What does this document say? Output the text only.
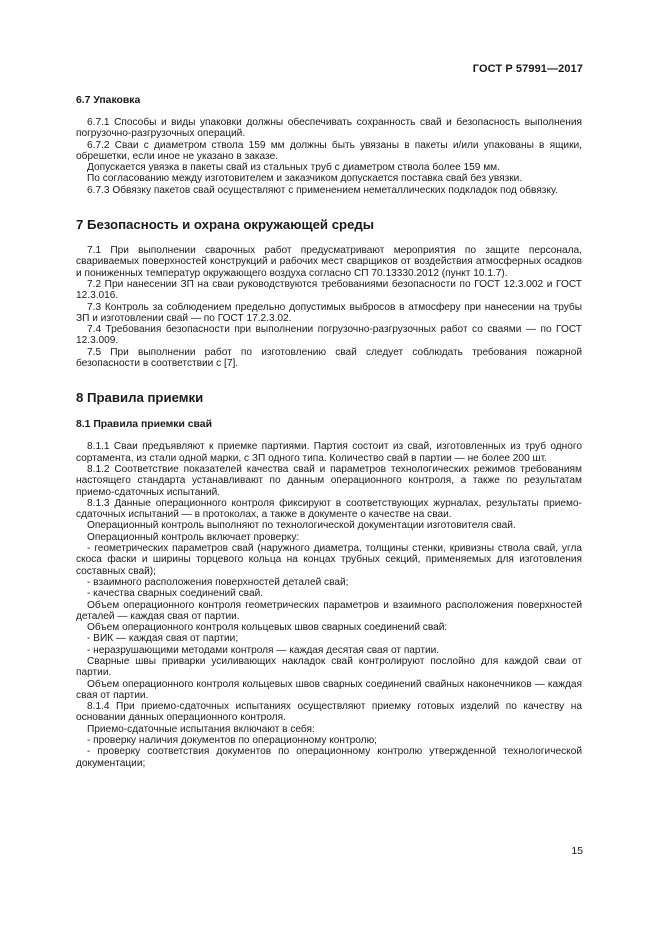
ГОСТ Р 57991—2017
6.7 Упаковка

6.7.1 Способы и виды упаковки должны обеспечивать сохранность свай и безопасность выполнения погрузочно-разгрузочных операций.

6.7.2 Сваи с диаметром ствола 159 мм должны быть увязаны в пакеты и/или упакованы в ящики, обрешетки, если иное не указано в заказе.

Допускается увязка в пакеты свай из стальных труб с диаметром ствола более 159 мм.

По согласованию между изготовителем и заказчиком допускается поставка свай без увязки.

6.7.3 Обвязку пакетов свай осуществляют с применением неметаллических подкладок под обвязку.

7 Безопасность и охрана окружающей среды

7.1 При выполнении сварочных работ предусматривают мероприятия по защите персонала, свариваемых поверхностей конструкций и рабочих мест сварщиков от воздействия атмосферных осадков и пониженных температур окружающего воздуха согласно СП 70.13330.2012 (пункт 10.1.7).

7.2 При нанесении ЗП на сваи руководствуются требованиями безопасности по ГОСТ 12.3.002 и ГОСТ 12.3.016.

7.3 Контроль за соблюдением предельно допустимых выбросов в атмосферу при нанесении на трубы ЗП и изготовлении свай — по ГОСТ 17.2.3.02.

7.4 Требования безопасности при выполнении погрузочно-разгрузочных работ со сваями — по ГОСТ 12.3.009.

7.5 При выполнении работ по изготовлению свай следует соблюдать требования пожарной безопасности в соответствии с [7].

8 Правила приемки
8.1 Правила приемки свай

8.1.1 Сваи предъявляют к приемке партиями. Партия состоит из свай, изготовленных из труб одного сортамента, из стали одной марки, с ЗП одного типа. Количество свай в партии — не более 200 шт.

8.1.2 Соответствие показателей качества свай и параметров технологических режимов требованиям настоящего стандарта устанавливают по данным операционного контроля, а также по результатам приемо-сдаточных испытаний.

8.1.3 Данные операционного контроля фиксируют в соответствующих журналах, результаты приемо-сдаточных испытаний — в протоколах, а также в документе о качестве на сваи.

Операционный контроль выполняют по технологической документации изготовителя свай.

Операционный контроль включает проверку:

- геометрических параметров свай (наружного диаметра, толщины стенки, кривизны ствола свай, угла скоса фаски и ширины торцевого кольца на концах трубных секций, применяемых для изготовления составных свай);

- взаимного расположения поверхностей деталей свай;

- качества сварных соединений свай.

Объем операционного контроля геометрических параметров и взаимного расположения поверхностей деталей — каждая свая от партии.

Объем операционного контроля кольцевых швов сварных соединений свай:

- ВИК — каждая свая от партии;

- неразрушающими методами контроля — каждая десятая свая от партии.

Сварные швы приварки усиливающих накладок свай контролируют послойно для каждой сваи от партии.

Объем операционного контроля кольцевых швов сварных соединений свайных наконечников — каждая свая от партии.

8.1.4 При приемо-сдаточных испытаниях осуществляют приемку готовых изделий по качеству на основании данных операционного контроля.

Приемо-сдаточные испытания включают в себя:

- проверку наличия документов по операционному контролю;

- проверку соответствия документов по операционному контролю утвержденной технологической документации;

15
